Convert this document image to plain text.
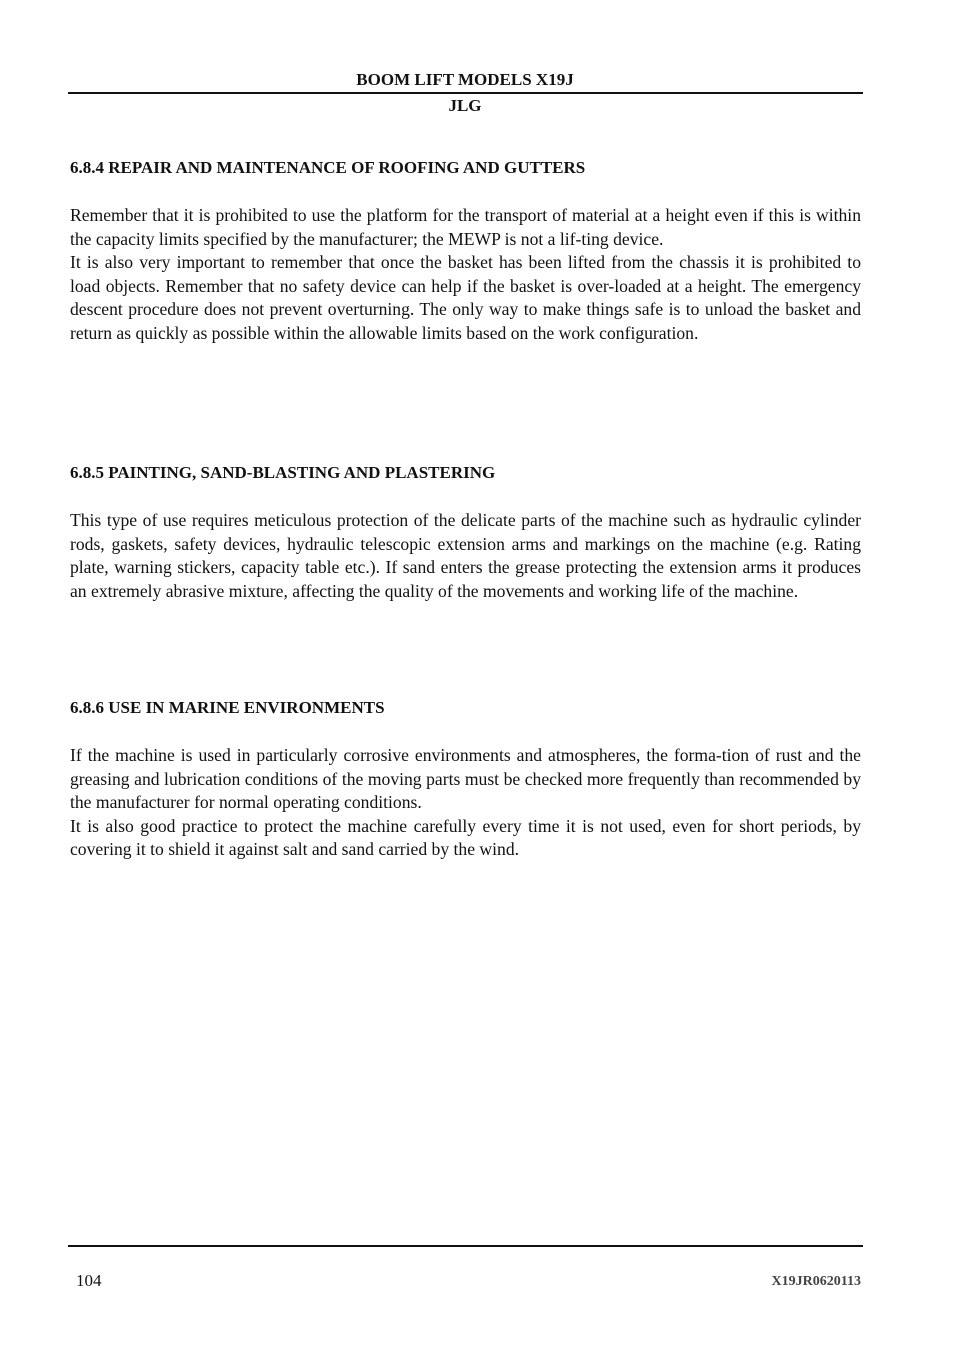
BOOM LIFT MODELS X19J
JLG
6.8.4 REPAIR AND MAINTENANCE OF ROOFING AND GUTTERS

Remember that it is prohibited to use the platform for the transport of material at a height even if this is within the capacity limits specified by the manufacturer; the MEWP is not a lif-ting device.

It is also very important to remember that once the basket has been lifted from the chassis it is prohibited to load objects. Remember that no safety device can help if the basket is over-loaded at a height. The emergency descent procedure does not prevent overturning. The only way to make things safe is to unload the basket and return as quickly as possible within the allowable limits based on the work configuration.

6.8.5 PAINTING, SAND-BLASTING AND PLASTERING

This type of use requires meticulous protection of the delicate parts of the machine such as hydraulic cylinder rods, gaskets, safety devices, hydraulic telescopic extension arms and markings on the machine (e.g. Rating plate, warning stickers, capacity table etc.). If sand enters the grease protecting the extension arms it produces an extremely abrasive mixture, affecting the quality of the movements and working life of the machine.

6.8.6 USE IN MARINE ENVIRONMENTS

If the machine is used in particularly corrosive environments and atmospheres, the forma-tion of rust and the greasing and lubrication conditions of the moving parts must be checked more frequently than recommended by the manufacturer for normal operating conditions.

It is also good practice to protect the machine carefully every time it is not used, even for short periods, by covering it to shield it against salt and sand carried by the wind.

104	X19JR0620113
